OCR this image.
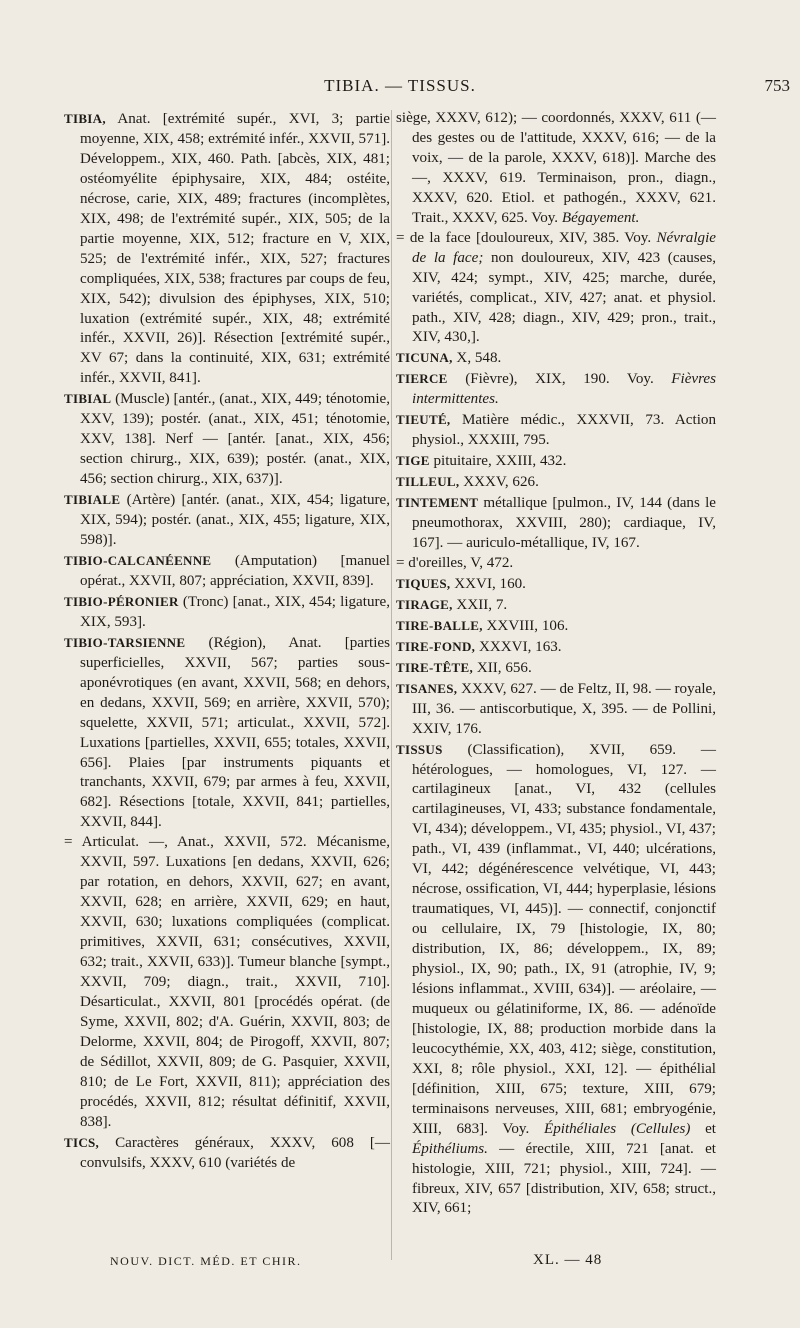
TIBIA. — TISSUS.	753

TIBIA, Anat. [extrémité supér., XVI, 3; partie moyenne, XIX, 458; extrémité infér., XXVII, 571]. Développem., XIX, 460. Path. [abcès, XIX, 481; ostéomyélite épiphysaire, XIX, 484; ostéite, nécrose, carie, XIX, 489; fractures (incomplètes, XIX, 498; de l'extrémité supér., XIX, 505; de la partie moyenne, XIX, 512; fracture en V, XIX, 525; de l'extrémité infér., XIX, 527; fractures compliquées, XIX, 538; fractures par coups de feu, XIX, 542); divulsion des épiphyses, XIX, 510; luxation (extrémité supér., XIX, 48; extrémité infér., XXVII, 26)]. Résection [extrémité supér., XV 67; dans la continuité, XIX, 631; extrémité infér., XXVII, 841].

TIBIAL (Muscle) [antér., (anat., XIX, 449; ténotomie, XXV, 139); postér. (anat., XIX, 451; ténotomie, XXV, 138]. Nerf — [antér. [anat., XIX, 456; section chirurg., XIX, 639); postér. (anat., XIX, 456; section chirurg., XIX, 637)].

TIBIALE (Artère) [antér. (anat., XIX, 454; ligature, XIX, 594); postér. (anat., XIX, 455; ligature, XIX, 598)].

TIBIO-CALCANÉENNE (Amputation) [manuel opérat., XXVII, 807; appréciation, XXVII, 839].

TIBIO-PÉRONIER (Tronc) [anat., XIX, 454; ligature, XIX, 593].

TIBIO-TARSIENNE (Région), Anat. [parties superficielles, XXVII, 567; parties sous-aponévrotiques (en avant, XXVII, 568; en dehors, en dedans, XXVII, 569; en arrière, XXVII, 570); squelette, XXVII, 571; articulat., XXVII, 572]. Luxations [partielles, XXVII, 655; totales, XXVII, 656]. Plaies [par instruments piquants et tranchants, XXVII, 679; par armes à feu, XXVII, 682]. Résections [totale, XXVII, 841; partielles, XXVII, 844].

= Articulat. —, Anat., XXVII, 572. Mécanisme, XXVII, 597. Luxations [en dedans, XXVII, 626; par rotation, en dehors, XXVII, 627; en avant, XXVII, 628; en arrière, XXVII, 629; en haut, XXVII, 630; luxations compliquées (complicat. primitives, XXVII, 631; consécutives, XXVII, 632; trait., XXVII, 633)]. Tumeur blanche [sympt., XXVII, 709; diagn., trait., XXVII, 710]. Désarticulat., XXVII, 801 [procédés opérat. (de Syme, XXVII, 802; d'A. Guérin, XXVII, 803; de Delorme, XXVII, 804; de Pirogoff, XXVII, 807; de Sédillot, XXVII, 809; de G. Pasquier, XXVII, 810; de Le Fort, XXVII, 811); appréciation des procédés, XXVII, 812; résultat définitif, XXVII, 838].

TICS, Caractères généraux, XXXV, 608 [— convulsifs, XXXV, 610 (variétés de

siège, XXXV, 612); — coordonnés, XXXV, 611 (— des gestes ou de l'attitude, XXXV, 616; — de la voix, — de la parole, XXXV, 618)]. Marche des —, XXXV, 619. Terminaison, pron., diagn., XXXV, 620. Etiol. et pathogén., XXXV, 621. Trait., XXXV, 625. Voy. Bégayement.

= de la face [douloureux, XIV, 385. Voy. Névralgie de la face; non douloureux, XIV, 423 (causes, XIV, 424; sympt., XIV, 425; marche, durée, variétés, complicat., XIV, 427; anat. et physiol. path., XIV, 428; diagn., XIV, 429; pron., trait., XIV, 430,].

TICUNA, X, 548.

TIERCE (Fièvre), XIX, 190. Voy. Fièvres intermittentes.

TIEUTÉ, Matière médic., XXXVII, 73. Action physiol., XXXIII, 795.

TIGE pituitaire, XXIII, 432.

TILLEUL, XXXV, 626.

TINTEMENT métallique [pulmon., IV, 144 (dans le pneumothorax, XXVIII, 280); cardiaque, IV, 167]. — auriculo-métallique, IV, 167.

= d'oreilles, V, 472.

TIQUES, XXVI, 160.

TIRAGE, XXII, 7.

TIRE-BALLE, XXVIII, 106.

TIRE-FOND, XXXVI, 163.

TIRE-TÊTE, XII, 656.

TISANES, XXXV, 627. — de Feltz, II, 98. — royale, III, 36. — antiscorbutique, X, 395. — de Pollini, XXIV, 176.

TISSUS (Classification), XVII, 659. — hétérologues, — homologues, VI, 127. — cartilagineux [anat., VI, 432 (cellules cartilagineuses, VI, 433; substance fondamentale, VI, 434); développem., VI, 435; physiol., VI, 437; path., VI, 439 (inflammat., VI, 440; ulcérations, VI, 442; dégénérescence velvétique, VI, 443; nécrose, ossification, VI, 444; hyperplasie, lésions traumatiques, VI, 445)]. — connectif, conjonctif ou cellulaire, IX, 79 [histologie, IX, 80; distribution, IX, 86; développem., IX, 89; physiol., IX, 90; path., IX, 91 (atrophie, IV, 9; lésions inflammat., XVIII, 634)]. — aréolaire, — muqueux ou gélatiniforme, IX, 86. — adénoïde [histologie, IX, 88; production morbide dans la leucocythémie, XX, 403, 412; siège, constitution, XXI, 8; rôle physiol., XXI, 12]. — épithélial [définition, XIII, 675; texture, XIII, 679; terminaisons nerveuses, XIII, 681; embryogénie, XIII, 683]. Voy. Épithéliales (Cellules) et Épithéliums. — érectile, XIII, 721 [anat. et histologie, XIII, 721; physiol., XIII, 724]. — fibreux, XIV, 657 [distribution, XIV, 658; struct., XIV, 661;

NOUV. DICT. MÉD. ET CHIR.	XL. — 48
